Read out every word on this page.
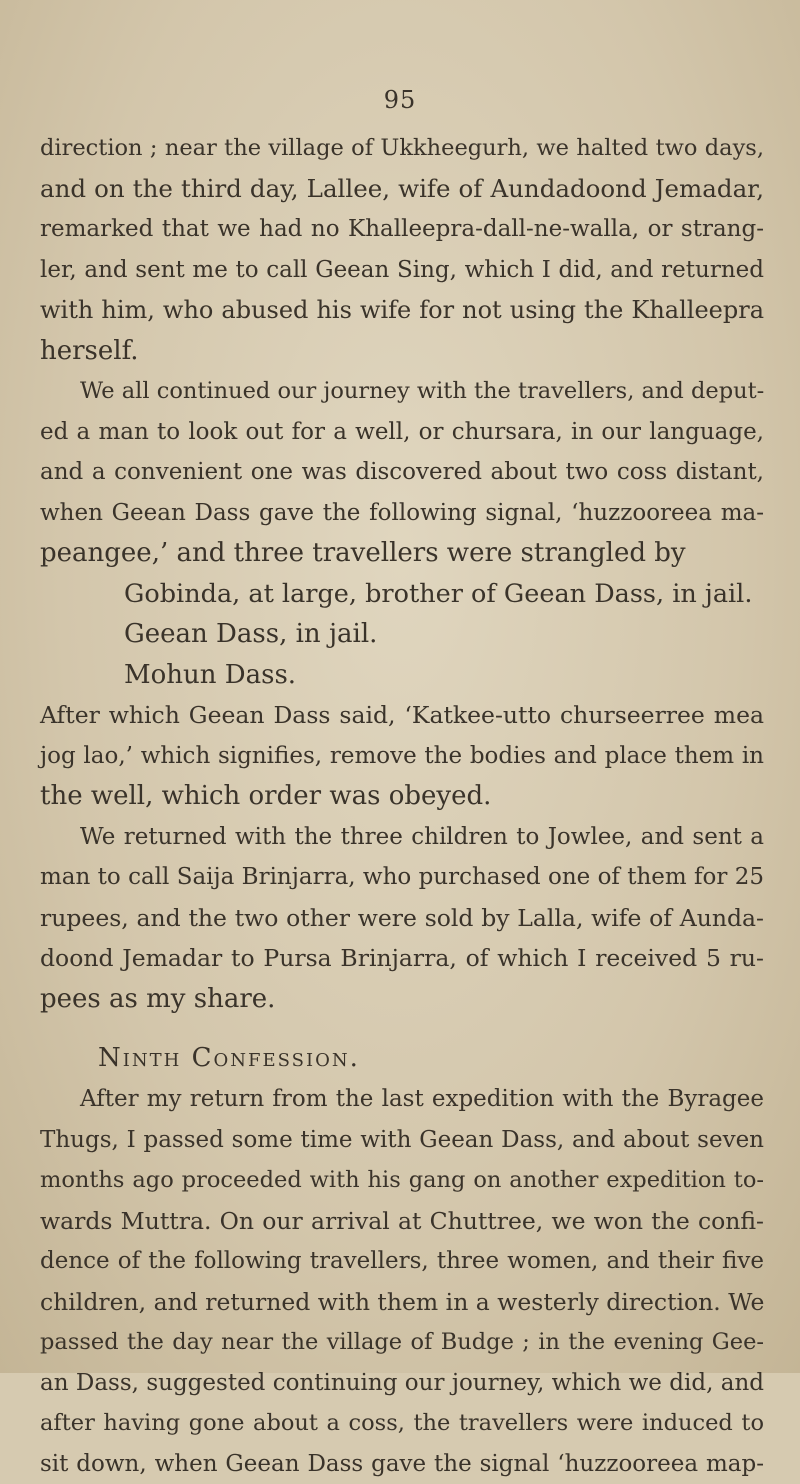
95
direction ; near the village of Ukkheegurh, we halted two days,
and on the third day, Lallee, wife of Aundadoond Jemadar,
remarked that we had no Khalleepra-dall-ne-walla, or strang-
ler, and sent me to call Geean Sing, which I did, and returned
with him, who abused his wife for not using the Khalleepra
herself.
We all continued our journey with the travellers, and deput-
ed a man to look out for a well, or chursara, in our language,
and a convenient one was discovered about two coss distant,
when Geean Dass gave the following signal, ‘huzzooreea ma-
peangee,’ and three travellers were strangled by
Gobinda, at large, brother of Geean Dass, in jail.
Geean Dass, in jail.
Mohun Dass.
After which Geean Dass said, ‘Katkee-utto churseerree mea
jog lao,’ which signifies, remove the bodies and place them in
the well, which order was obeyed.
We returned with the three children to Jowlee, and sent a
man to call Saija Brinjarra, who purchased one of them for 25
rupees, and the two other were sold by Lalla, wife of Aunda-
doond Jemadar to Pursa Brinjarra, of which I received 5 ru-
pees as my share.
Ninth Confession.
After my return from the last expedition with the Byragee
Thugs, I passed some time with Geean Dass, and about seven
months ago proceeded with his gang on another expedition to-
wards Muttra. On our arrival at Chuttree, we won the confi-
dence of the following travellers, three women, and their five
children, and returned with them in a westerly direction. We
passed the day near the village of Budge ; in the evening Gee-
an Dass, suggested continuing our journey, which we did, and
after having gone about a coss, the travellers were induced to
sit down, when Geean Dass gave the signal ‘huzzooreea map-
